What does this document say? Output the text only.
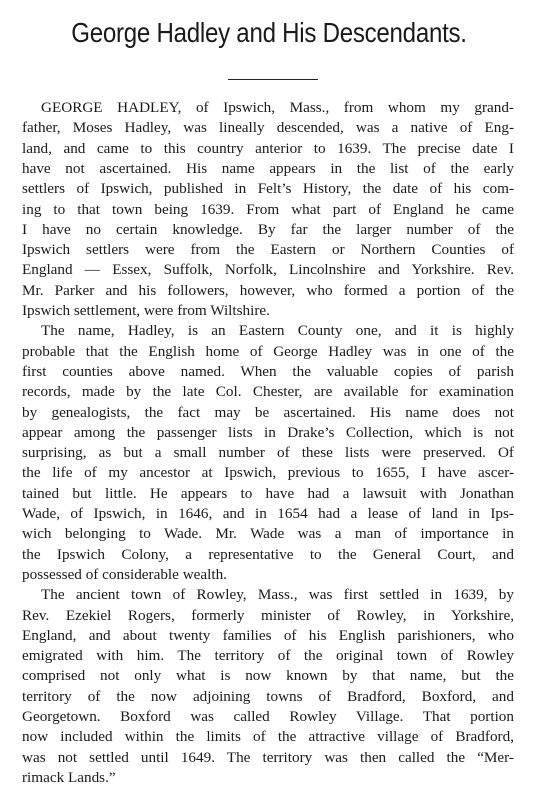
George Hadley and His Descendants.
GEORGE HADLEY, of Ipswich, Mass., from whom my grand-
father, Moses Hadley, was lineally descended, was a native of Eng-
land, and came to this country anterior to 1639. The precise date I
have not ascertained. His name appears in the list of the early
settlers of Ipswich, published in Felt’s History, the date of his com-
ing to that town being 1639. From what part of England he came
I have no certain knowledge. By far the larger number of the
Ipswich settlers were from the Eastern or Northern Counties of
England — Essex, Suffolk, Norfolk, Lincolnshire and Yorkshire. Rev.
Mr. Parker and his followers, however, who formed a portion of the
Ipswich settlement, were from Wiltshire.
The name, Hadley, is an Eastern County one, and it is highly
probable that the English home of George Hadley was in one of the
first counties above named. When the valuable copies of parish
records, made by the late Col. Chester, are available for examination
by genealogists, the fact may be ascertained. His name does not
appear among the passenger lists in Drake’s Collection, which is not
surprising, as but a small number of these lists were preserved. Of
the life of my ancestor at Ipswich, previous to 1655, I have ascer-
tained but little. He appears to have had a lawsuit with Jonathan
Wade, of Ipswich, in 1646, and in 1654 had a lease of land in Ips-
wich belonging to Wade. Mr. Wade was a man of importance in
the Ipswich Colony, a representative to the General Court, and
possessed of considerable wealth.
The ancient town of Rowley, Mass., was first settled in 1639, by
Rev. Ezekiel Rogers, formerly minister of Rowley, in Yorkshire,
England, and about twenty families of his English parishioners, who
emigrated with him. The territory of the original town of Rowley
comprised not only what is now known by that name, but the
territory of the now adjoining towns of Bradford, Boxford, and
Georgetown. Boxford was called Rowley Village. That portion
now included within the limits of the attractive village of Bradford,
was not settled until 1649. The territory was then called the “Mer-
rimack Lands.”
